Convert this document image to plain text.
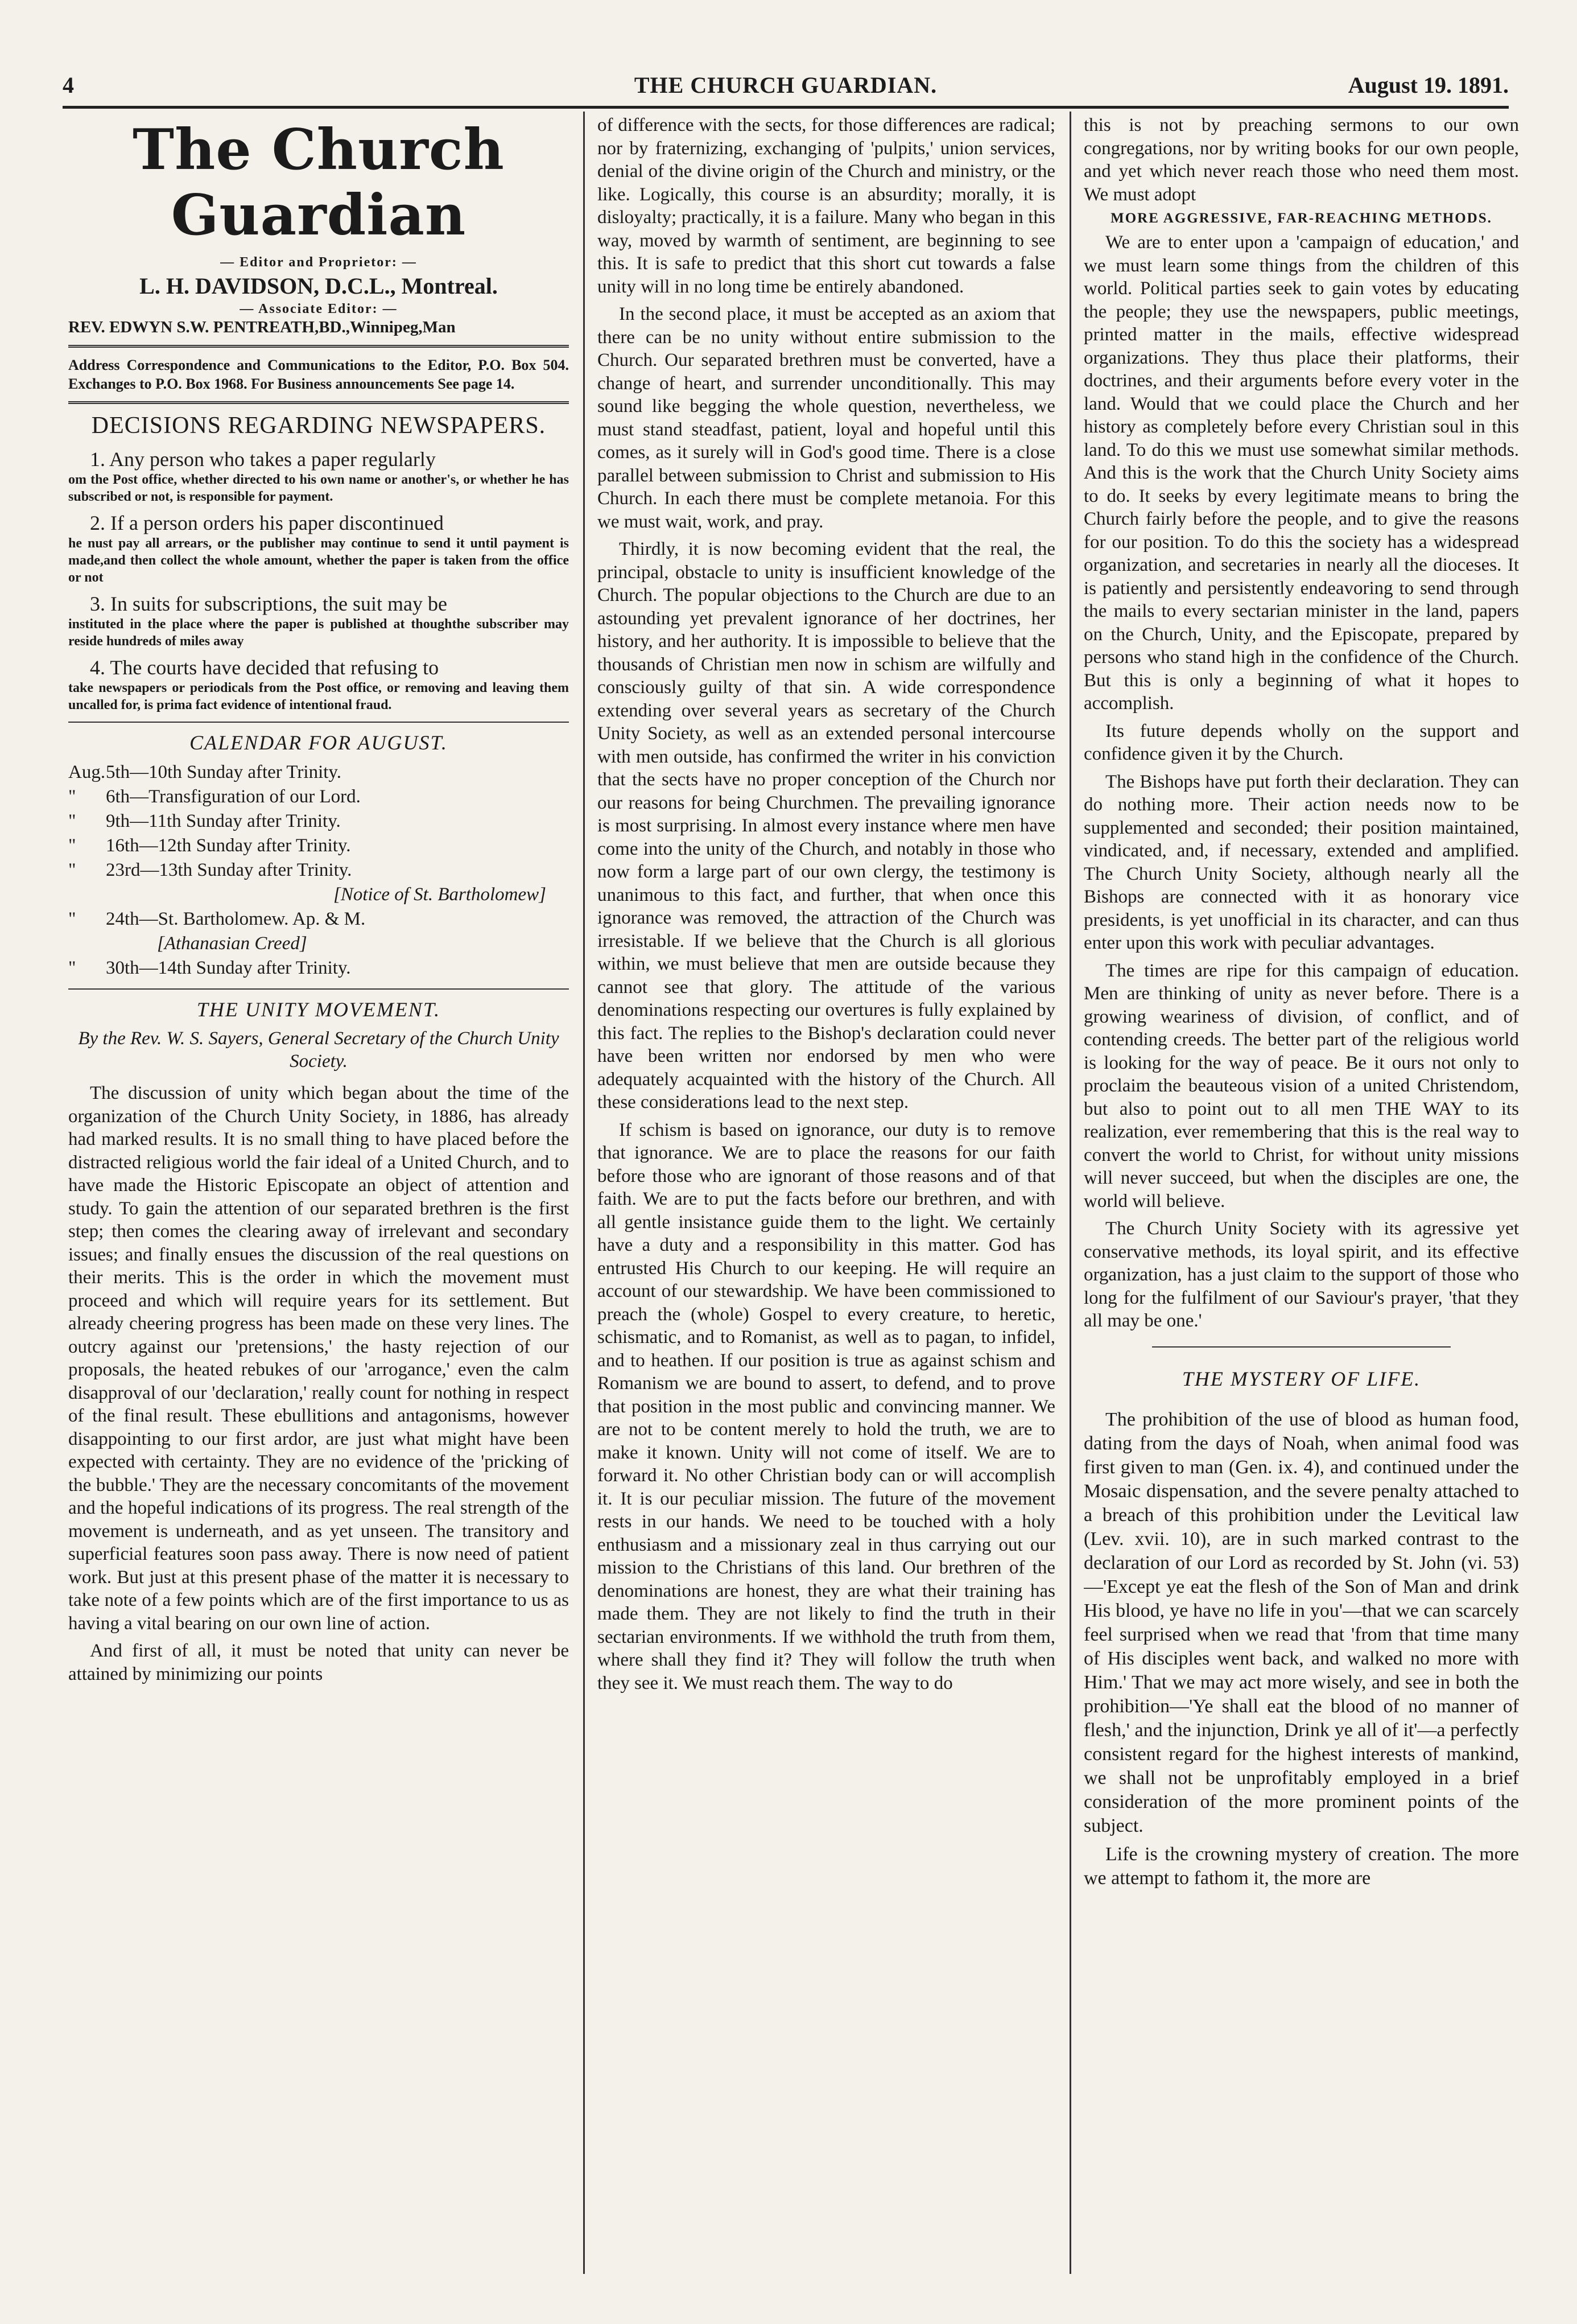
4	THE CHURCH GUARDIAN.	August 19. 1891.
The Church Guardian
— Editor and Proprietor: —
L. H. DAVIDSON, D.C.L., Montreal.
— Associate Editor: —
REV. EDWYN S.W. PENTREATH,BD.,Winnipeg,Man
Address Correspondence and Communications to the Editor, P.O. Box 504. Exchanges to P.O. Box 1968. For Business announcements See page 14.
DECISIONS REGARDING NEWSPAPERS.
1. Any person who takes a paper regularly
om the Post office, whether directed to his own name or another's, or whether he has subscribed or not, is responsible for payment.
2. If a person orders his paper discontinued
he nust pay all arrears, or the publisher may continue to send it until payment is made,and then collect the whole amount, whether the paper is taken from the office or not
3. In suits for subscriptions, the suit may be
instituted in the place where the paper is published at thoughthe subscriber may reside hundreds of miles away
4. The courts have decided that refusing to
take newspapers or periodicals from the Post office, or removing and leaving them uncalled for, is prima fact evidence of intentional fraud.
CALENDAR FOR AUGUST.
Aug.	5th—10th Sunday after Trinity.
"	6th—Transfiguration of our Lord.
"	9th—11th Sunday after Trinity.
"	16th—12th Sunday after Trinity.
"	23rd—13th Sunday after Trinity.
	[Notice of St. Bartholomew]
"	24th—St. Bartholomew. Ap. & M.
	[Athanasian Creed]
"	30th—14th Sunday after Trinity.
THE UNITY MOVEMENT.
By the Rev. W. S. Sayers, General Secretary of the Church Unity Society.

The discussion of unity which began about the time of the organization of the Church Unity Society, in 1886, has already had marked results. It is no small thing to have placed before the distracted religious world the fair ideal of a United Church, and to have made the Historic Episcopate an object of attention and study. To gain the attention of our separated brethren is the first step; then comes the clearing away of irrelevant and secondary issues; and finally ensues the discussion of the real questions on their merits. This is the order in which the movement must proceed and which will require years for its settlement. But already cheering progress has been made on these very lines. The outcry against our 'pretensions,' the hasty rejection of our proposals, the heated rebukes of our 'arrogance,' even the calm disapproval of our 'declaration,' really count for nothing in respect of the final result. These ebullitions and antagonisms, however disappointing to our first ardor, are just what might have been expected with certainty. They are no evidence of the 'pricking of the bubble.' They are the necessary concomitants of the movement and the hopeful indications of its progress. The real strength of the movement is underneath, and as yet unseen. The transitory and superficial features soon pass away. There is now need of patient work. But just at this present phase of the matter it is necessary to take note of a few points which are of the first importance to us as having a vital bearing on our own line of action.

And first of all, it must be noted that unity can never be attained by minimizing our points

of difference with the sects, for those differences are radical; nor by fraternizing, exchanging of 'pulpits,' union services, denial of the divine origin of the Church and ministry, or the like. Logically, this course is an absurdity; morally, it is disloyalty; practically, it is a failure. Many who began in this way, moved by warmth of sentiment, are beginning to see this. It is safe to predict that this short cut towards a false unity will in no long time be entirely abandoned.

In the second place, it must be accepted as an axiom that there can be no unity without entire submission to the Church. Our separated brethren must be converted, have a change of heart, and surrender unconditionally. This may sound like begging the whole question, nevertheless, we must stand steadfast, patient, loyal and hopeful until this comes, as it surely will in God's good time. There is a close parallel between submission to Christ and submission to His Church. In each there must be complete metanoia. For this we must wait, work, and pray.

Thirdly, it is now becoming evident that the real, the principal, obstacle to unity is insufficient knowledge of the Church. The popular objections to the Church are due to an astounding yet prevalent ignorance of her doctrines, her history, and her authority. It is impossible to believe that the thousands of Christian men now in schism are wilfully and consciously guilty of that sin. A wide correspondence extending over several years as secretary of the Church Unity Society, as well as an extended personal intercourse with men outside, has confirmed the writer in his conviction that the sects have no proper conception of the Church nor our reasons for being Churchmen. The prevailing ignorance is most surprising. In almost every instance where men have come into the unity of the Church, and notably in those who now form a large part of our own clergy, the testimony is unanimous to this fact, and further, that when once this ignorance was removed, the attraction of the Church was irresistable. If we believe that the Church is all glorious within, we must believe that men are outside because they cannot see that glory. The attitude of the various denominations respecting our overtures is fully explained by this fact. The replies to the Bishop's declaration could never have been written nor endorsed by men who were adequately acquainted with the history of the Church. All these considerations lead to the next step.

If schism is based on ignorance, our duty is to remove that ignorance. We are to place the reasons for our faith before those who are ignorant of those reasons and of that faith. We are to put the facts before our brethren, and with all gentle insistance guide them to the light. We certainly have a duty and a responsibility in this matter. God has entrusted His Church to our keeping. He will require an account of our stewardship. We have been commissioned to preach the (whole) Gospel to every creature, to heretic, schismatic, and to Romanist, as well as to pagan, to infidel, and to heathen. If our position is true as against schism and Romanism we are bound to assert, to defend, and to prove that position in the most public and convincing manner. We are not to be content merely to hold the truth, we are to make it known. Unity will not come of itself. We are to forward it. No other Christian body can or will accomplish it. It is our peculiar mission. The future of the movement rests in our hands. We need to be touched with a holy enthusiasm and a missionary zeal in thus carrying out our mission to the Christians of this land. Our brethren of the denominations are honest, they are what their training has made them. They are not likely to find the truth in their sectarian environments. If we withhold the truth from them, where shall they find it? They will follow the truth when they see it. We must reach them. The way to do

this is not by preaching sermons to our own congregations, nor by writing books for our own people, and yet which never reach those who need them most. We must adopt

MORE AGGRESSIVE, FAR-REACHING METHODS.

We are to enter upon a 'campaign of education,' and we must learn some things from the children of this world. Political parties seek to gain votes by educating the people; they use the newspapers, public meetings, printed matter in the mails, effective widespread organizations. They thus place their platforms, their doctrines, and their arguments before every voter in the land. Would that we could place the Church and her history as completely before every Christian soul in this land. To do this we must use somewhat similar methods. And this is the work that the Church Unity Society aims to do. It seeks by every legitimate means to bring the Church fairly before the people, and to give the reasons for our position. To do this the society has a widespread organization, and secretaries in nearly all the dioceses. It is patiently and persistently endeavoring to send through the mails to every sectarian minister in the land, papers on the Church, Unity, and the Episcopate, prepared by persons who stand high in the confidence of the Church. But this is only a beginning of what it hopes to accomplish.

Its future depends wholly on the support and confidence given it by the Church.

The Bishops have put forth their declaration. They can do nothing more. Their action needs now to be supplemented and seconded; their position maintained, vindicated, and, if necessary, extended and amplified. The Church Unity Society, although nearly all the Bishops are connected with it as honorary vice presidents, is yet unofficial in its character, and can thus enter upon this work with peculiar advantages.

The times are ripe for this campaign of education. Men are thinking of unity as never before. There is a growing weariness of division, of conflict, and of contending creeds. The better part of the religious world is looking for the way of peace. Be it ours not only to proclaim the beauteous vision of a united Christendom, but also to point out to all men THE WAY to its realization, ever remembering that this is the real way to convert the world to Christ, for without unity missions will never succeed, but when the disciples are one, the world will believe.

The Church Unity Society with its agressive yet conservative methods, its loyal spirit, and its effective organization, has a just claim to the support of those who long for the fulfilment of our Saviour's prayer, 'that they all may be one.'

THE MYSTERY OF LIFE.

The prohibition of the use of blood as human food, dating from the days of Noah, when animal food was first given to man (Gen. ix. 4), and continued under the Mosaic dispensation, and the severe penalty attached to a breach of this prohibition under the Levitical law (Lev. xvii. 10), are in such marked contrast to the declaration of our Lord as recorded by St. John (vi. 53)—'Except ye eat the flesh of the Son of Man and drink His blood, ye have no life in you'—that we can scarcely feel surprised when we read that 'from that time many of His disciples went back, and walked no more with Him.' That we may act more wisely, and see in both the prohibition—'Ye shall eat the blood of no manner of flesh,' and the injunction, Drink ye all of it'—a perfectly consistent regard for the highest interests of mankind, we shall not be unprofitably employed in a brief consideration of the more prominent points of the subject.

Life is the crowning mystery of creation. The more we attempt to fathom it, the more are
